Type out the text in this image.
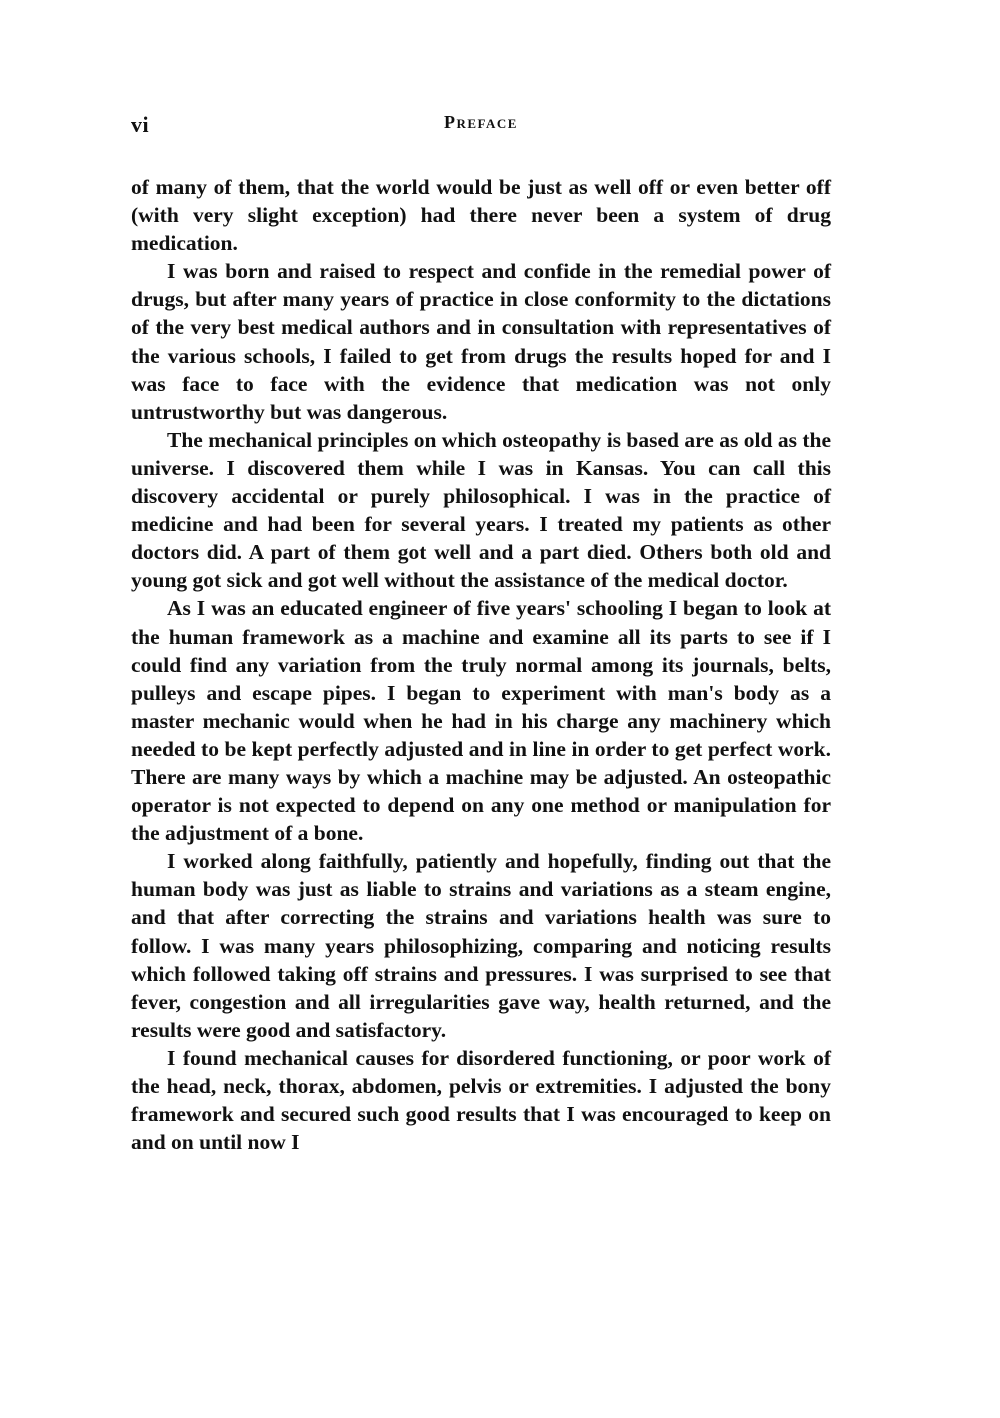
vi	Preface

of many of them, that the world would be just as well off or even better off (with very slight exception) had there never been a system of drug medication.

I was born and raised to respect and confide in the remedial power of drugs, but after many years of practice in close conformity to the dictations of the very best medical authors and in consultation with representatives of the various schools, I failed to get from drugs the results hoped for and I was face to face with the evidence that medication was not only untrustworthy but was dangerous.

The mechanical principles on which osteopathy is based are as old as the universe. I discovered them while I was in Kansas. You can call this discovery accidental or purely philosophical. I was in the practice of medicine and had been for several years. I treated my patients as other doctors did. A part of them got well and a part died. Others both old and young got sick and got well without the assistance of the medical doctor.

As I was an educated engineer of five years' schooling I began to look at the human framework as a machine and examine all its parts to see if I could find any variation from the truly normal among its journals, belts, pulleys and escape pipes. I began to experiment with man's body as a master mechanic would when he had in his charge any machinery which needed to be kept perfectly adjusted and in line in order to get perfect work. There are many ways by which a machine may be adjusted. An osteopathic operator is not expected to depend on any one method or manipulation for the adjustment of a bone.

I worked along faithfully, patiently and hopefully, finding out that the human body was just as liable to strains and variations as a steam engine, and that after correcting the strains and variations health was sure to follow. I was many years philosophizing, comparing and noticing results which followed taking off strains and pressures. I was surprised to see that fever, congestion and all irregularities gave way, health returned, and the results were good and satisfactory.

I found mechanical causes for disordered functioning, or poor work of the head, neck, thorax, abdomen, pelvis or extremities. I adjusted the bony framework and secured such good results that I was encouraged to keep on and on until now I
